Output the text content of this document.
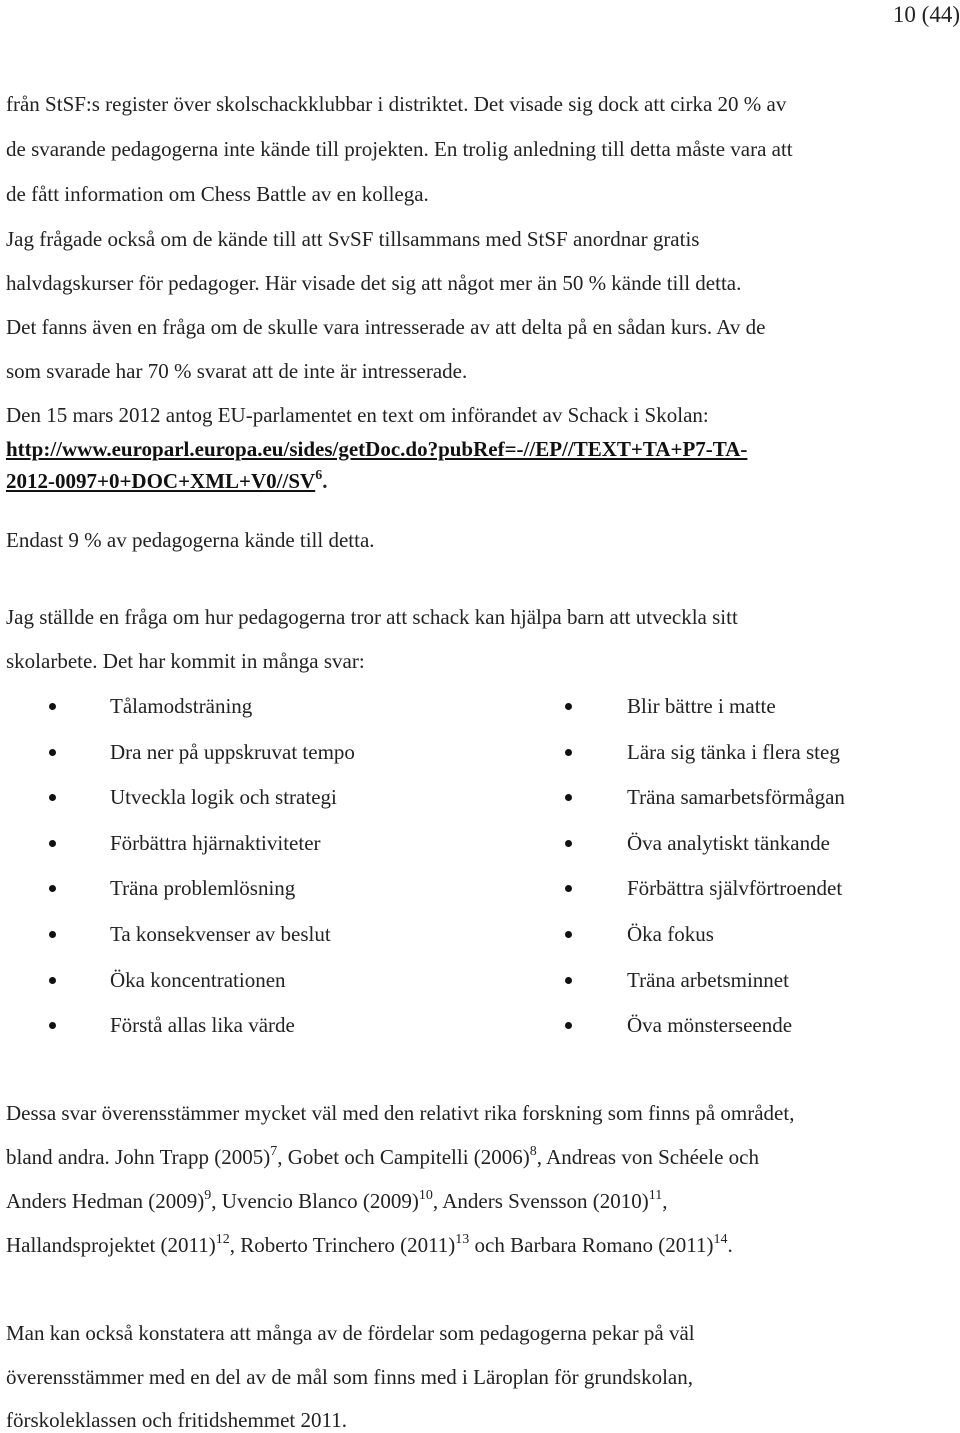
10 (44)
från StSF:s register över skolschackklubbar i distriktet. Det visade sig dock att cirka 20 % av
de svarande pedagogerna inte kände till projekten. En trolig anledning till detta måste vara att
de fått information om Chess Battle av en kollega.
Jag frågade också om de kände till att SvSF tillsammans med StSF anordnar gratis
halvdagskurser för pedagoger. Här visade det sig att något mer än 50 % kände till detta.
Det fanns även en fråga om de skulle vara intresserade av att delta på en sådan kurs. Av de
som svarade har 70 % svarat att de inte är intresserade.
Den 15 mars 2012 antog EU-parlamentet en text om införandet av Schack i Skolan:
http://www.europarl.europa.eu/sides/getDoc.do?pubRef=-//EP//TEXT+TA+P7-TA-
$2012-0097+0+DOC+XML+V0//SV^6$.
Endast 9 % av pedagogerna kände till detta.
Jag ställde en fråga om hur pedagogerna tror att schack kan hjälpa barn att utveckla sitt
skolarbete. Det har kommit in många svar:
Tålamodsträning
Dra ner på uppskruvat tempo
Utveckla logik och strategi
Förbättra hjärnaktiviteter
Träna problemlösning
Ta konsekvenser av beslut
Öka koncentrationen
Förstå allas lika värde
Blir bättre i matte
Lära sig tänka i flera steg
Träna samarbetsförmågan
Öva analytiskt tänkande
Förbättra självförtroendet
Öka fokus
Träna arbetsminnet
Öva mönsterseende
Dessa svar överensstämmer mycket väl med den relativt rika forskning som finns på området,
bland andra. John Trapp $(2005)^7$, Gobet och Campitelli $(2006)^8$, Andreas von Schéele och
Anders Hedman $(2009)^9$, Uvencio Blanco $(2009)^{10}$, Anders Svensson $(2010)^{11}$,
Hallandsprojektet $(2011)^{12}$, Roberto Trinchero $(2011)^{13}$ och Barbara Romano $(2011)^{14}$.
Man kan också konstatera att många av de fördelar som pedagogerna pekar på väl
överensstämmer med en del av de mål som finns med i Läroplan för grundskolan,
förskoleklassen och fritidshemmet 2011.
